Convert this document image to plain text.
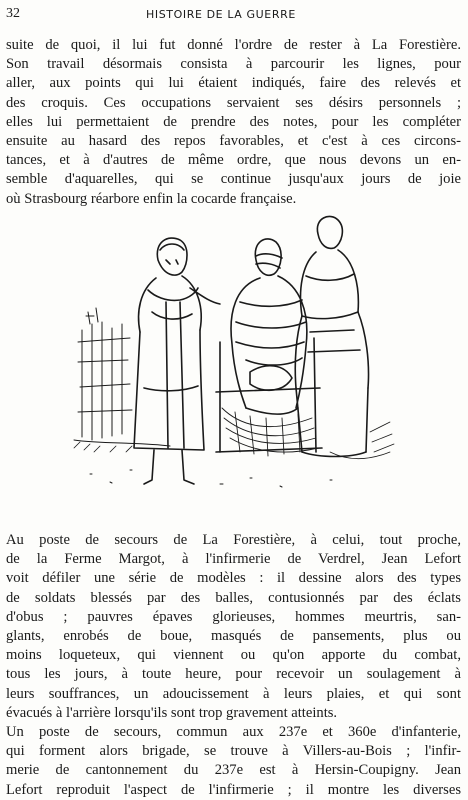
32	HISTOIRE DE LA GUERRE

suite de quoi, il lui fut donné l'ordre de rester à La Forestière.
Son travail désormais consista à parcourir les lignes, pour
aller, aux points qui lui étaient indiqués, faire des relevés et
des croquis. Ces occupations servaient ses désirs personnels ;
elles lui permettaient de prendre des notes, pour les compléter
ensuite au hasard des repos favorables, et c'est à ces circons-
tances, et à d'autres de même ordre, que nous devons un en-
semble d'aquarelles, qui se continue jusqu'aux jours de joie
où Strasbourg réarbore enfin la cocarde française.

Au poste de secours de La Forestière, à celui, tout proche,
de la Ferme Margot, à l'infirmerie de Verdrel, Jean Lefort
voit défiler une série de modèles : il dessine alors des types
de soldats blessés par des balles, contusionnés par des éclats
d'obus ; pauvres épaves glorieuses, hommes meurtris, san-
glants, enrobés de boue, masqués de pansements, plus ou
moins loqueteux, qui viennent ou qu'on apporte du combat,
tous les jours, à toute heure, pour recevoir un soulagement à
leurs souffrances, un adoucissement à leurs plaies, et qui sont
évacués à l'arrière lorsqu'ils sont trop gravement atteints.
Un poste de secours, commun aux 237e et 360e d'infanterie,
qui forment alors brigade, se trouve à Villers-au-Bois ; l'infir-
merie de cantonnement du 237e est à Hersin-Coupigny. Jean
Lefort reproduit l'aspect de l'infirmerie ; il montre les diverses
